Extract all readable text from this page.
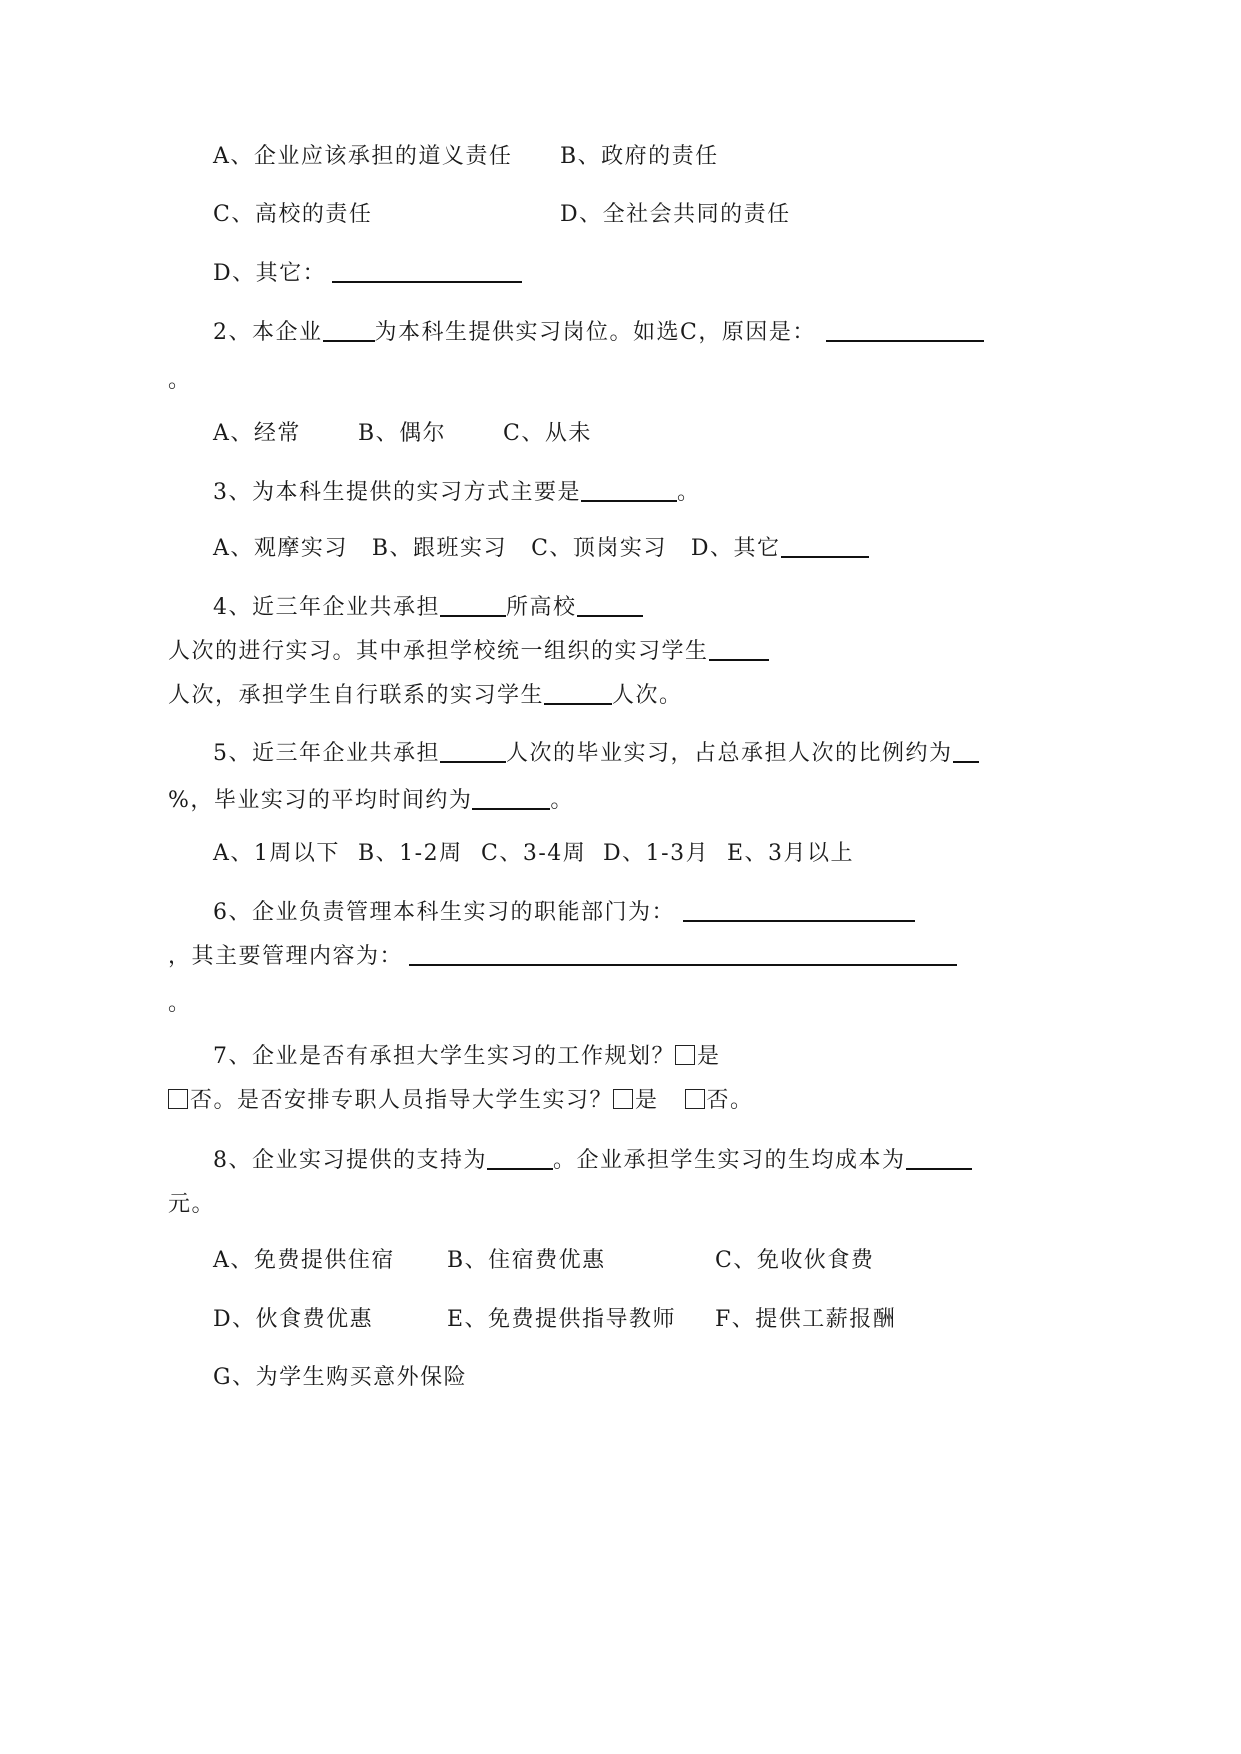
A、企业应该承担的道义责任 B、政府的责任
C、高校的责任	D、全社会共同的责任
D、其它：
2、本企业 为本科生提供实习岗位。如选C，原因是：
。
A、经常	B、偶尔	C、从未
3、为本科生提供的实习方式主要是	。
A、观摩实习 B、跟班实习 C、顶岗实习 D、其它
4、近三年企业共承担	所高校
人次的进行实习。其中承担学校统一组织的实习学生
人次，承担学生自行联系的实习学生	人次。
5、近三年企业共承担	人次的毕业实习，占总承担人次的比例约为
%，毕业实习的平均时间约为	。
A、1周以下 B、1-2周 C、3-4周 D、1-3月 E、3月以上
6、企业负责管理本科生实习的职能部门为：
，其主要管理内容为：
。
7、企业是否有承担大学生实习的工作规划？ 是
否。是否安排专职人员指导大学生实习？ 是 否。
8、企业实习提供的支持为	。企业承担学生实习的生均成本为
元。
A、免费提供住宿 B、住宿费优惠	C、免收伙食费
D、伙食费优惠	E、免费提供指导教师 F、提供工薪报酬
G、为学生购买意外保险
